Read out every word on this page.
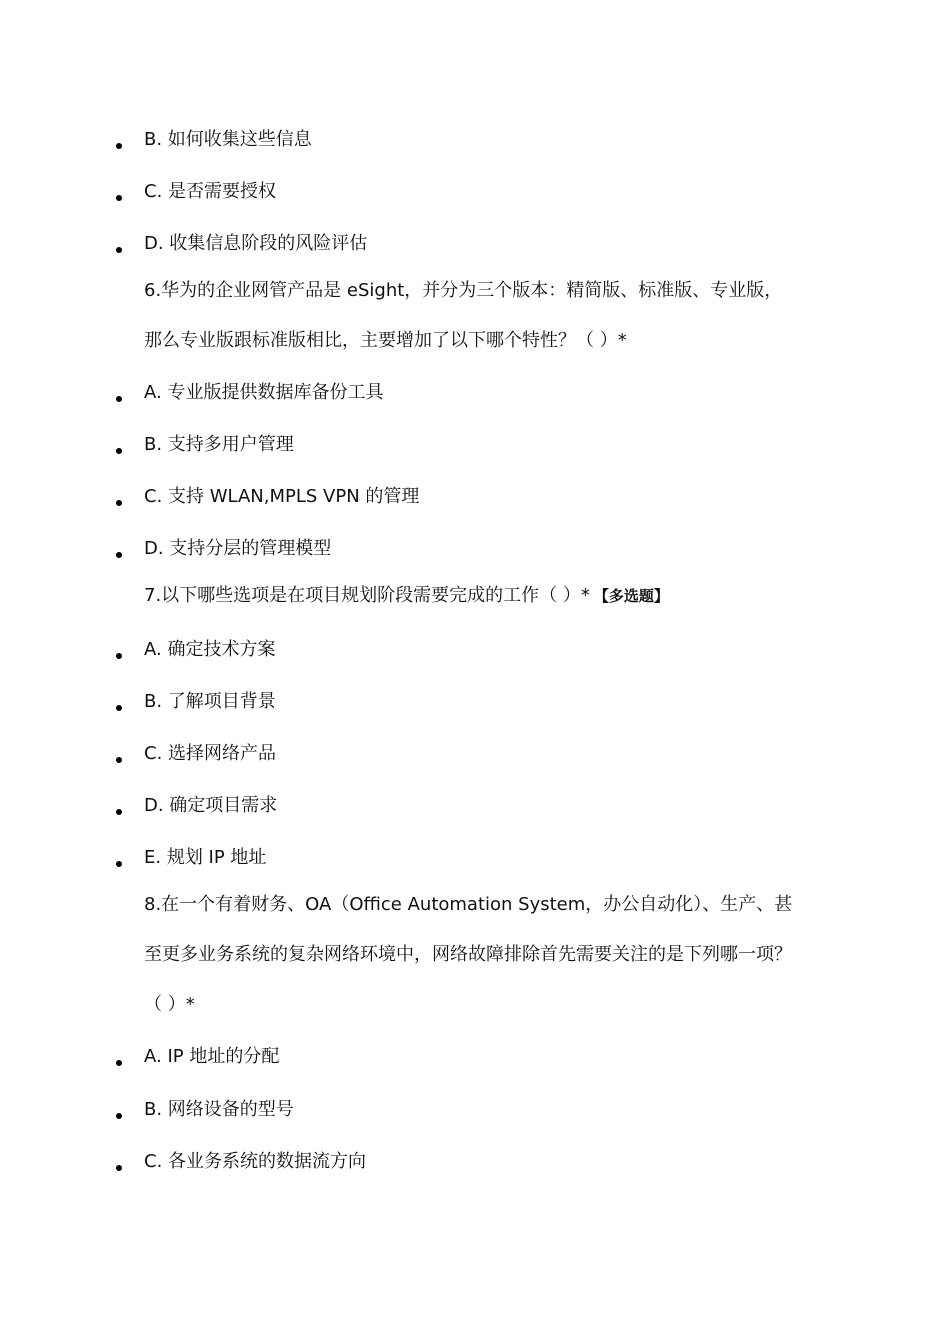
B. 如何收集这些信息
C. 是否需要授权
D. 收集信息阶段的风险评估
6.华为的企业网管产品是 eSight，并分为三个版本：精简版、标准版、专业版，
那么专业版跟标准版相比，主要增加了以下哪个特性？（ ）*
A. 专业版提供数据库备份工具
B. 支持多用户管理
C. 支持 WLAN,MPLS VPN 的管理
D. 支持分层的管理模型
7.以下哪些选项是在项目规划阶段需要完成的工作（ ）* 【多选题】
A. 确定技术方案
B. 了解项目背景
C. 选择网络产品
D. 确定项目需求
E. 规划 IP 地址
8.在一个有着财务、OA（Office Automation System，办公自动化）、生产、甚
至更多业务系统的复杂网络环境中，网络故障排除首先需要关注的是下列哪一项？
（ ）*
A. IP 地址的分配
B. 网络设备的型号
C. 各业务系统的数据流方向
